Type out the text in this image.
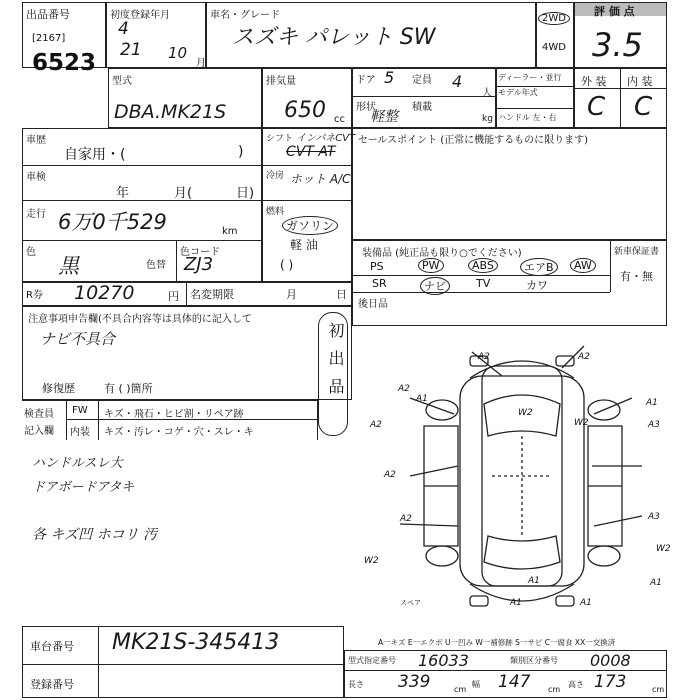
出品番号
[2167]
6523
初度登録年月
4
21 10
月
車名・グレード
スズキ パレット SW
2WD
4WD
評 価 点
3.5
型式
DBA.MK21S
排気量
650 cc
ドア 5 定員 4
人
形状
軽整
積載
kg
ディーラー・並行
モデル年式
ハンドル 左・右
外 装 内 装
C C
車歴
自家用・(	)
車検
年	月(	日)
走行 6万0千529	km
色
黒	色替
色コード
ZJ3
シフト インパネCVT
CVT AT
冷房 ホット A/C
燃料
ガソリン
軽 油
( )
R券 10270	円 名変期限	月	日
セールスポイント (正常に機能するものに限ります)
装備品 (純正品も限り○でください)	新車保証書
有・無
PS	PW	ABS	エアB	AW
SR	ナビ	TV	カワ
後日品
注意事項申告欄(不具合内容等は具体的に記入して
ナビ不具合	初出品
修復歴	有 ( )箇所
検査員
記入欄
FW キズ・飛石・ヒビ割・リペア跡
内装 キズ・汚レ・コゲ・穴・スレ・キ
ハンドルスレ大
ドアボードアタキ
各 キズ凹 ホコリ 汚
A2	A2
A2
A1	A1
W2
W2
A2	A3
A2
A2	A3
W2
W2
A1	A1
A1	A1
スペア
A一キズ E一エクボ U一凹み W一補修跡 S一サビ C一腐食 XX一交換済
車台番号 MK21S-345413
登録番号
型式指定番号 16033	類別区分番号 0008
長さ 339	cm
幅 147 cm
高さ 173	cm
